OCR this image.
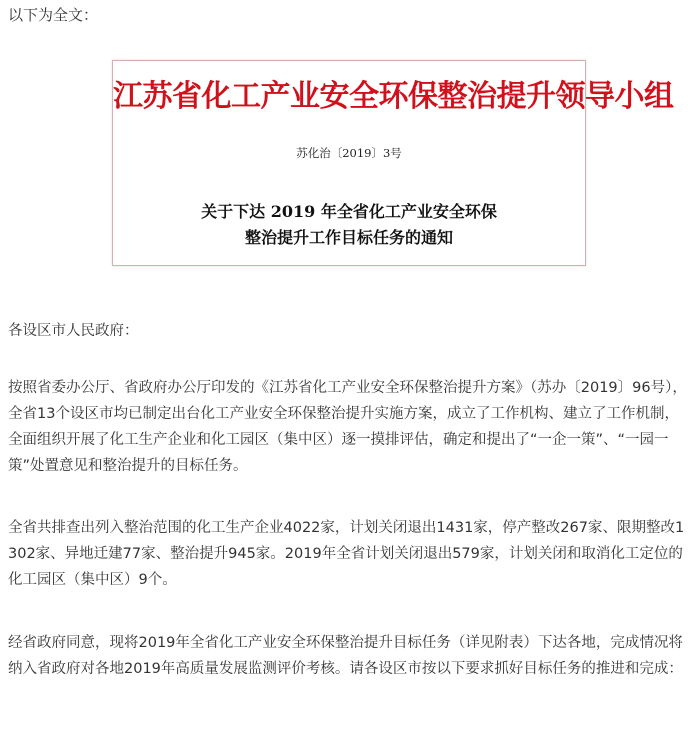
以下为全文：
江苏省化工产业安全环保整治提升领导小组
苏化治〔2019〕3号
关于下达 2019 年全省化工产业安全环保
整治提升工作目标任务的通知

各设区市人民政府：

按照省委办公厅、省政府办公厅印发的《江苏省化工产业安全环保整治提升方案》（苏办〔2019〕96号），全省13个设区市均已制定出台化工产业安全环保整治提升实施方案，成立了工作机构、建立了工作机制，全面组织开展了化工生产企业和化工园区（集中区）逐一摸排评估，确定和提出了“一企一策”、“一园一策”处置意见和整治提升的目标任务。

全省共排查出列入整治范围的化工生产企业4022家，计划关闭退出1431家，停产整改267家、限期整改1302家、异地迁建77家、整治提升945家。2019年全省计划关闭退出579家，计划关闭和取消化工定位的化工园区（集中区）9个。

经省政府同意，现将2019年全省化工产业安全环保整治提升目标任务（详见附表）下达各地，完成情况将纳入省政府对各地2019年高质量发展监测评价考核。请各设区市按以下要求抓好目标任务的推进和完成：
